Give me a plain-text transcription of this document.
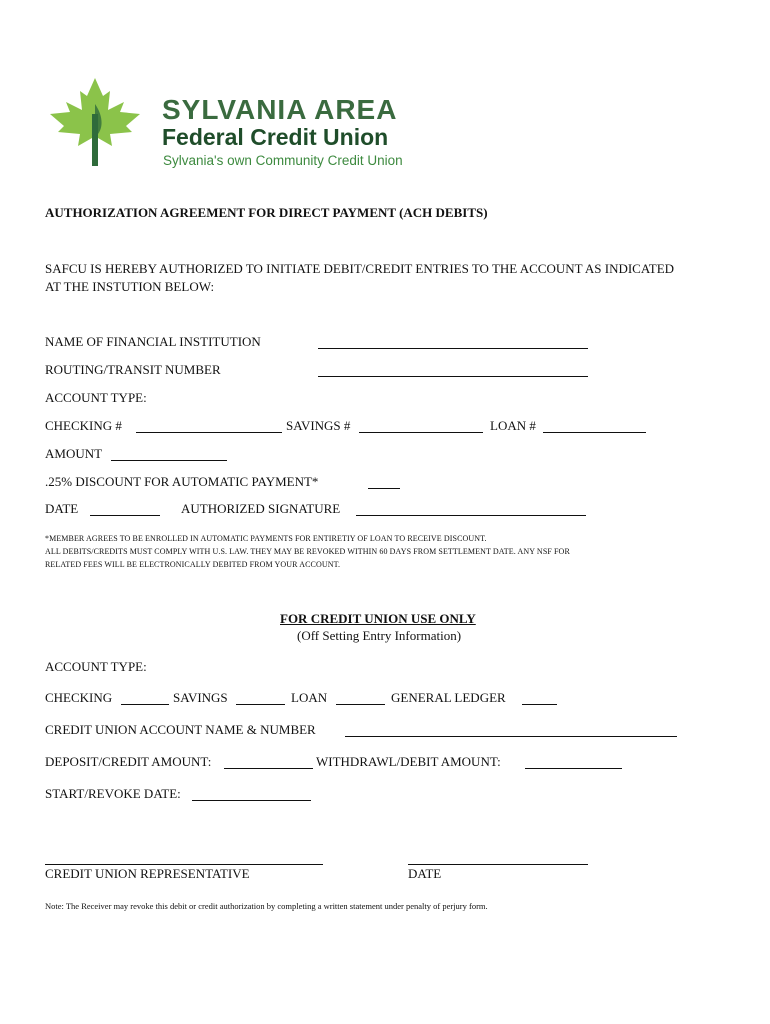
SYLVANIA AREA
Federal Credit Union
Sylvania's own Community Credit Union
AUTHORIZATION AGREEMENT FOR DIRECT PAYMENT (ACH DEBITS)
SAFCU IS HEREBY AUTHORIZED TO INITIATE DEBIT/CREDIT ENTRIES TO THE ACCOUNT AS INDICATED
AT THE INSTUTION BELOW:
NAME OF FINANCIAL INSTITUTION
ROUTING/TRANSIT NUMBER
ACCOUNT TYPE:
CHECKING #	SAVINGS #	LOAN #
AMOUNT
.25% DISCOUNT FOR AUTOMATIC PAYMENT*
DATE	AUTHORIZED SIGNATURE
*MEMBER AGREES TO BE ENROLLED IN AUTOMATIC PAYMENTS FOR ENTIRETIY OF LOAN TO RECEIVE DISCOUNT.
ALL DEBITS/CREDITS MUST COMPLY WITH U.S. LAW. THEY MAY BE REVOKED WITHIN 60 DAYS FROM SETTLEMENT DATE. ANY NSF FOR
RELATED FEES WILL BE ELECTRONICALLY DEBITED FROM YOUR ACCOUNT.
FOR CREDIT UNION USE ONLY
(Off Setting Entry Information)
ACCOUNT TYPE:
CHECKING	SAVINGS	LOAN	GENERAL LEDGER
CREDIT UNION ACCOUNT NAME & NUMBER
DEPOSIT/CREDIT AMOUNT:	WITHDRAWL/DEBIT AMOUNT:
START/REVOKE DATE:
CREDIT UNION REPRESENTATIVE	DATE
Note: The Receiver may revoke this debit or credit authorization by completing a written statement under penalty of perjury form.
